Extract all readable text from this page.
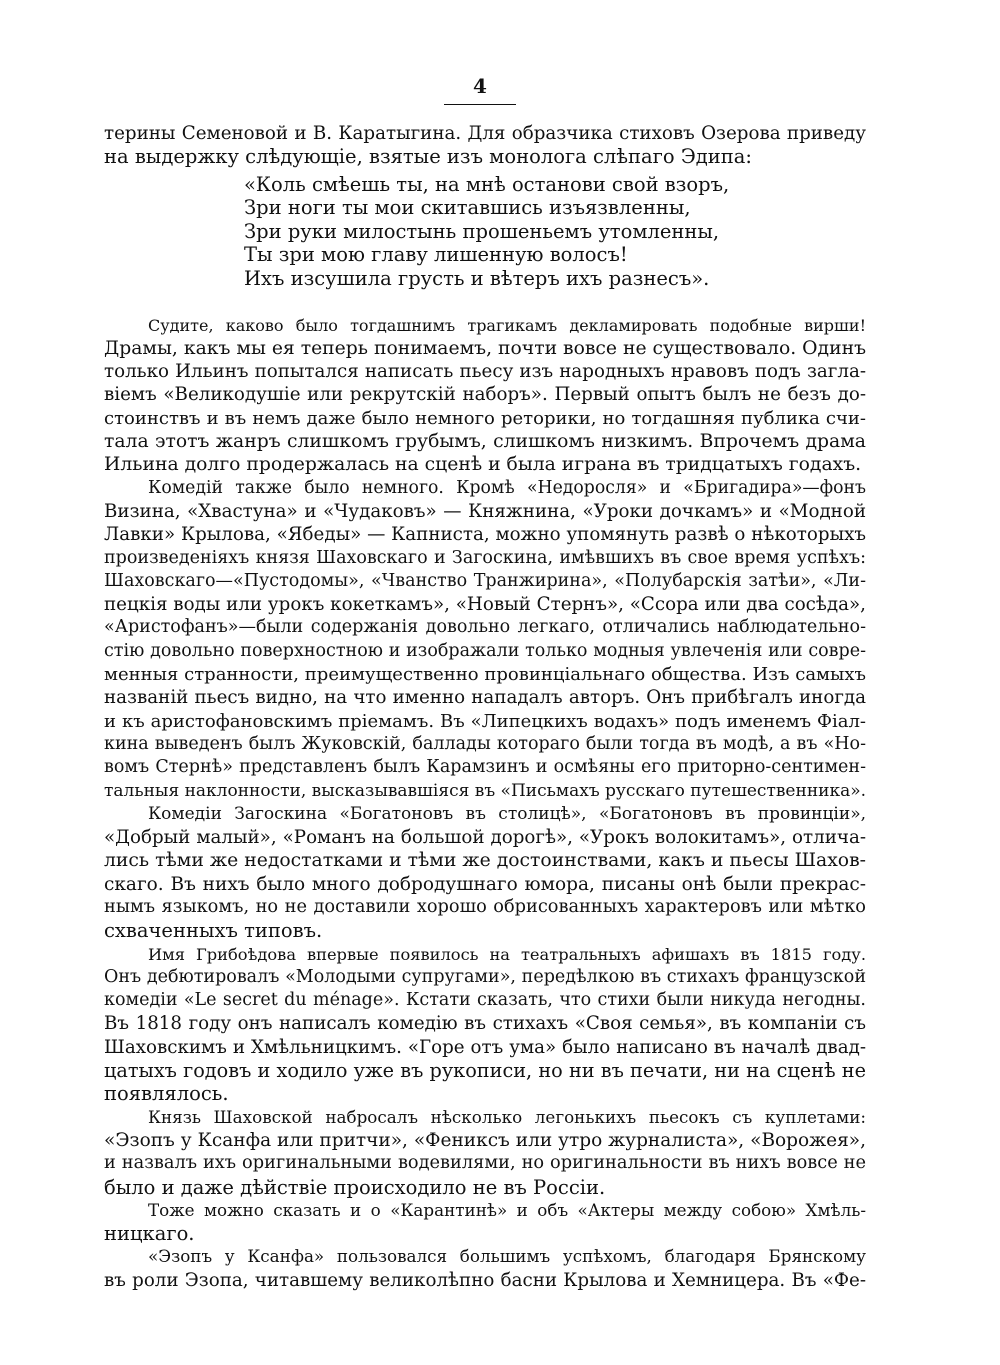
4
терины Семеновой и В. Каратыгина. Для образчика стиховъ Озерова приведу
на выдержку слѣдующіе, взятые изъ монолога слѣпаго Эдипа:
«Коль смѣешь ты, на мнѣ останови свой взоръ,
Зри ноги ты мои скитавшись изъязвленны,
Зри руки милостынь прошеньемъ утомленны,
Ты зри мою главу лишенную волосъ!
Ихъ изсушила грусть и вѣтеръ ихъ разнесъ».
Судите, каково было тогдашнимъ трагикамъ декламировать подобные вирши!
Драмы, какъ мы ея теперь понимаемъ, почти вовсе не существовало. Одинъ
только Ильинъ попытался написать пьесу изъ народныхъ нравовъ подъ загла-
віемъ «Великодушіе или рекрутскій наборъ». Первый опытъ былъ не безъ до-
стоинствъ и въ немъ даже было немного реторики, но тогдашняя публика счи-
тала этотъ жанръ слишкомъ грубымъ, слишкомъ низкимъ. Впрочемъ драма
Ильина долго продержалась на сценѣ и была играна въ тридцатыхъ годахъ.
Комедій также было немного. Кромѣ «Недоросля» и «Бригадира»—фонъ
Визина, «Хвастуна» и «Чудаковъ» — Княжнина, «Уроки дочкамъ» и «Модной
Лавки» Крылова, «Ябеды» — Капниста, можно упомянуть развѣ о нѣкоторыхъ
произведеніяхъ князя Шаховскаго и Загоскина, имѣвшихъ въ свое время успѣхъ:
Шаховскаго—«Пустодомы», «Чванство Транжирина», «Полубарскія затѣи», «Ли-
пецкія воды или урокъ кокеткамъ», «Новый Стернъ», «Ссора или два сосѣда»,
«Аристофанъ»—были содержанія довольно легкаго, отличались наблюдательно-
стію довольно поверхностною и изображали только модныя увлеченія или совре-
менныя странности, преимущественно провинціальнаго общества. Изъ самыхъ
названій пьесъ видно, на что именно нападалъ авторъ. Онъ прибѣгалъ иногда
и къ аристофановскимъ пріемамъ. Въ «Липецкихъ водахъ» подъ именемъ Фіал-
кина выведенъ былъ Жуковскій, баллады котораго были тогда въ модѣ, а въ «Но-
вомъ Стернѣ» представленъ былъ Карамзинъ и осмѣяны его приторно-сентимен-
тальныя наклонности, высказывавшіяся въ «Письмахъ русскаго путешественника».
Комедіи Загоскина «Богатоновъ въ столицѣ», «Богатоновъ въ провинціи»,
«Добрый малый», «Романъ на большой дорогѣ», «Урокъ волокитамъ», отлича-
лись тѣми же недостатками и тѣми же достоинствами, какъ и пьесы Шахов-
скаго. Въ нихъ было много добродушнаго юмора, писаны онѣ были прекрас-
нымъ языкомъ, но не доставили хорошо обрисованныхъ характеровъ или мѣтко
схваченныхъ типовъ.
Имя Грибоѣдова впервые появилось на театральныхъ афишахъ въ 1815 году.
Онъ дебютировалъ «Молодыми супругами», передѣлкою въ стихахъ французской
комедіи «Le secret du ménage». Кстати сказать, что стихи были никуда негодны.
Въ 1818 году онъ написалъ комедію въ стихахъ «Своя семья», въ компаніи съ
Шаховскимъ и Хмѣльницкимъ. «Горе отъ ума» было написано въ началѣ двад-
цатыхъ годовъ и ходило уже въ рукописи, но ни въ печати, ни на сценѣ не
появлялось.
Князь Шаховской набросалъ нѣсколько легонькихъ пьесокъ съ куплетами:
«Эзопъ у Ксанфа или притчи», «Фениксъ или утро журналиста», «Ворожея»,
и назвалъ ихъ оригинальными водевилями, но оригинальности въ нихъ вовсе не
было и даже дѣйствіе происходило не въ Россіи.
Тоже можно сказать и о «Карантинѣ» и объ «Актеры между собою» Хмѣль-
ницкаго.
«Эзопъ у Ксанфа» пользовался большимъ успѣхомъ, благодаря Брянскому
въ роли Эзопа, читавшему великолѣпно басни Крылова и Хемницера. Въ «Фе-
